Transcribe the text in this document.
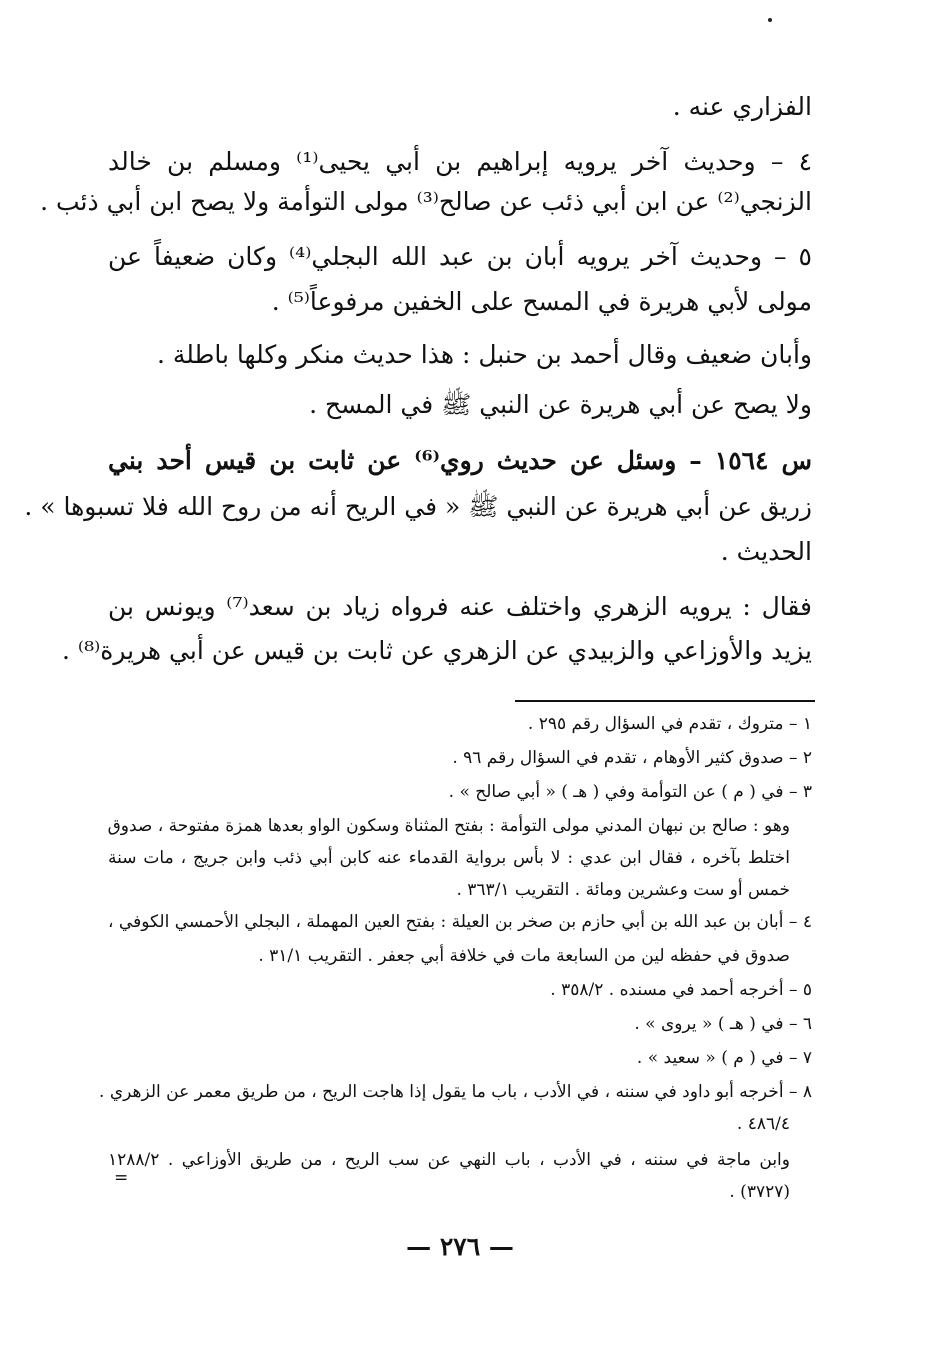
الفزاري عنه .
٤ – وحديث آخر يرويه إبراهيم بن أبي يحيى⁽¹⁾ ومسلم بن خالد
الزنجي⁽²⁾ عن ابن أبي ذئب عن صالح⁽³⁾ مولى التوأمة ولا يصح ابن أبي ذئب .
٥ – وحديث آخر يرويه أبان بن عبد الله البجلي⁽⁴⁾ وكان ضعيفاً عن
مولى لأبي هريرة في المسح على الخفين مرفوعاً⁽⁵⁾ .
وأبان ضعيف وقال أحمد بن حنبل : هذا حديث منكر وكلها باطلة .
ولا يصح عن أبي هريرة عن النبي ﷺ في المسح .
س ١٥٦٤ – وسئل عن حديث روي⁽⁶⁾ عن ثابت بن قيس أحد بني
زريق عن أبي هريرة عن النبي ﷺ « في الريح أنه من روح الله فلا تسبوها » .
الحديث .
فقال : يرويه الزهري واختلف عنه فرواه زياد بن سعد⁽⁷⁾ ويونس بن
يزيد والأوزاعي والزبيدي عن الزهري عن ثابت بن قيس عن أبي هريرة⁽⁸⁾ .
١ – متروك ، تقدم في السؤال رقم ٢٩٥ .
٢ – صدوق كثير الأوهام ، تقدم في السؤال رقم ٩٦ .
٣ – في ( م ) عن التوأمة وفي ( هـ ) « أبي صالح » .
وهو : صالح بن نبهان المدني مولى التوأمة : بفتح المثناة وسكون الواو بعدها همزة مفتوحة ، صدوق
اختلط بآخره ، فقال ابن عدي : لا بأس برواية القدماء عنه كابن أبي ذئب وابن جريج ، مات سنة
خمس أو ست وعشرين ومائة . التقريب ٣٦٣/١ .
٤ – أبان بن عبد الله بن أبي حازم بن صخر بن العيلة : بفتح العين المهملة ، البجلي الأحمسي الكوفي ،
صدوق في حفظه لين من السابعة مات في خلافة أبي جعفر . التقريب ٣١/١ .
٥ – أخرجه أحمد في مسنده . ٣٥٨/٢ .
٦ – في ( هـ ) « يروى » .
٧ – في ( م ) « سعيد » .
٨ – أخرجه أبو داود في سننه ، في الأدب ، باب ما يقول إذا هاجت الريح ، من طريق معمر عن الزهري .
٤٨٦/٤ .
وابن ماجة في سننه ، في الأدب ، باب النهي عن سب الريح ، من طريق الأوزاعي . ١٢٨٨/٢
(٣٧٢٧) .
=
— ٢٧٦ —
